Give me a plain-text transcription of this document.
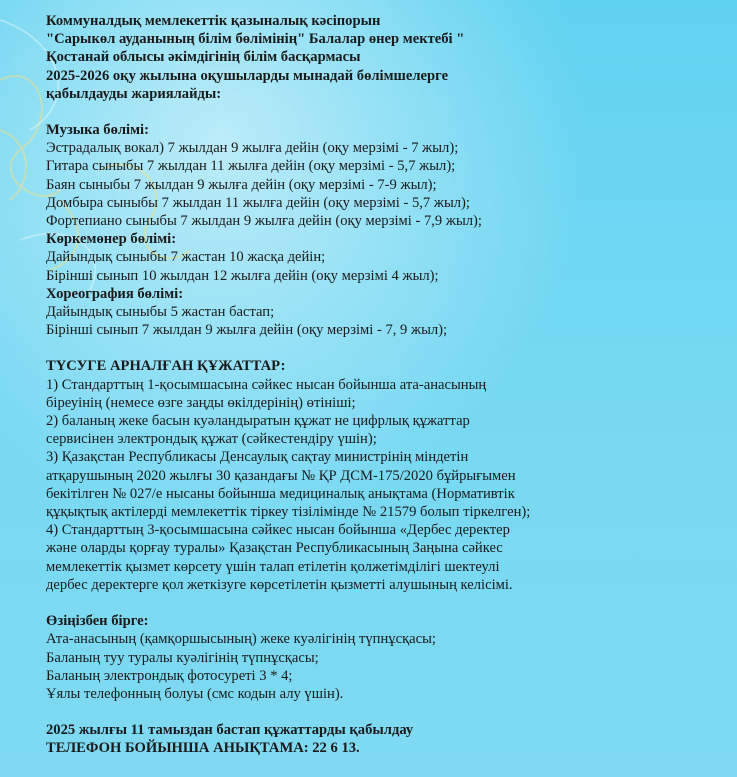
Коммуналдық мемлекеттік қазыналық кәсіпорын
"Сарыкөл ауданының білім бөлімінің" Балалар өнер мектебі "
Қостанай облысы әкімдігінің білім басқармасы
2025-2026 оқу жылына оқушыларды мынадай бөлімшелерге
қабылдауды жариялайды:
Музыка бөлімі:
Эстрадалық вокал) 7 жылдан 9 жылға дейін (оқу мерзімі - 7 жыл);
Гитара сыныбы 7 жылдан 11 жылға дейін (оқу мерзімі - 5,7 жыл);
Баян сыныбы 7 жылдан 9 жылға дейін (оқу мерзімі - 7-9 жыл);
Домбыра сыныбы 7 жылдан 11 жылға дейін (оқу мерзімі - 5,7 жыл);
Фортепиано сыныбы 7 жылдан 9 жылға дейін (оқу мерзімі - 7,9 жыл);
Көркемөнер бөлімі:
Дайындық сыныбы 7 жастан 10 жасқа дейін;
Бірінші сынып 10 жылдан 12 жылға дейін (оқу мерзімі 4 жыл);
Хореография бөлімі:
Дайындық сыныбы 5 жастан бастап;
Бірінші сынып 7 жылдан 9 жылға дейін (оқу мерзімі - 7, 9 жыл);
ТҮСУГЕ АРНАЛҒАН ҚҰЖАТТАР:
1) Стандарттың 1-қосымшасына сәйкес нысан бойынша ата-анасының
біреуінің (немесе өзге заңды өкілдерінің) өтініші;
2) баланың жеке басын куәландыратын құжат не цифрлық құжаттар
сервисінен электрондық құжат (сәйкестендіру үшін);
3) Қазақстан Республикасы Денсаулық сақтау министрінің міндетін
атқарушының 2020 жылғы 30 қазандағы № ҚР ДСМ-175/2020 бұйрығымен
бекітілген № 027/е нысаны бойынша медициналық анықтама (Нормативтік
құқықтық актілерді мемлекеттік тіркеу тізілімінде № 21579 болып тіркелген);
4) Стандарттың 3-қосымшасына сәйкес нысан бойынша «Дербес деректер
және оларды қорғау туралы» Қазақстан Республикасының Заңына сәйкес
мемлекеттік қызмет көрсету үшін талап етілетін қолжетімділігі шектеулі
дербес деректерге қол жеткізуге көрсетілетін қызметті алушының келісімі.
Өзіңізбен бірге:
Ата-анасының (қамқоршысының) жеке куәлігінің түпнұсқасы;
Баланың туу туралы куәлігінің түпнұсқасы;
Баланың электрондық фотосуреті 3 * 4;
Ұялы телефонның болуы (смс кодын алу үшін).
2025 жылғы 11 тамыздан бастап құжаттарды қабылдау
ТЕЛЕФОН БОЙЫНША АНЫҚТАМА: 22 6 13.
